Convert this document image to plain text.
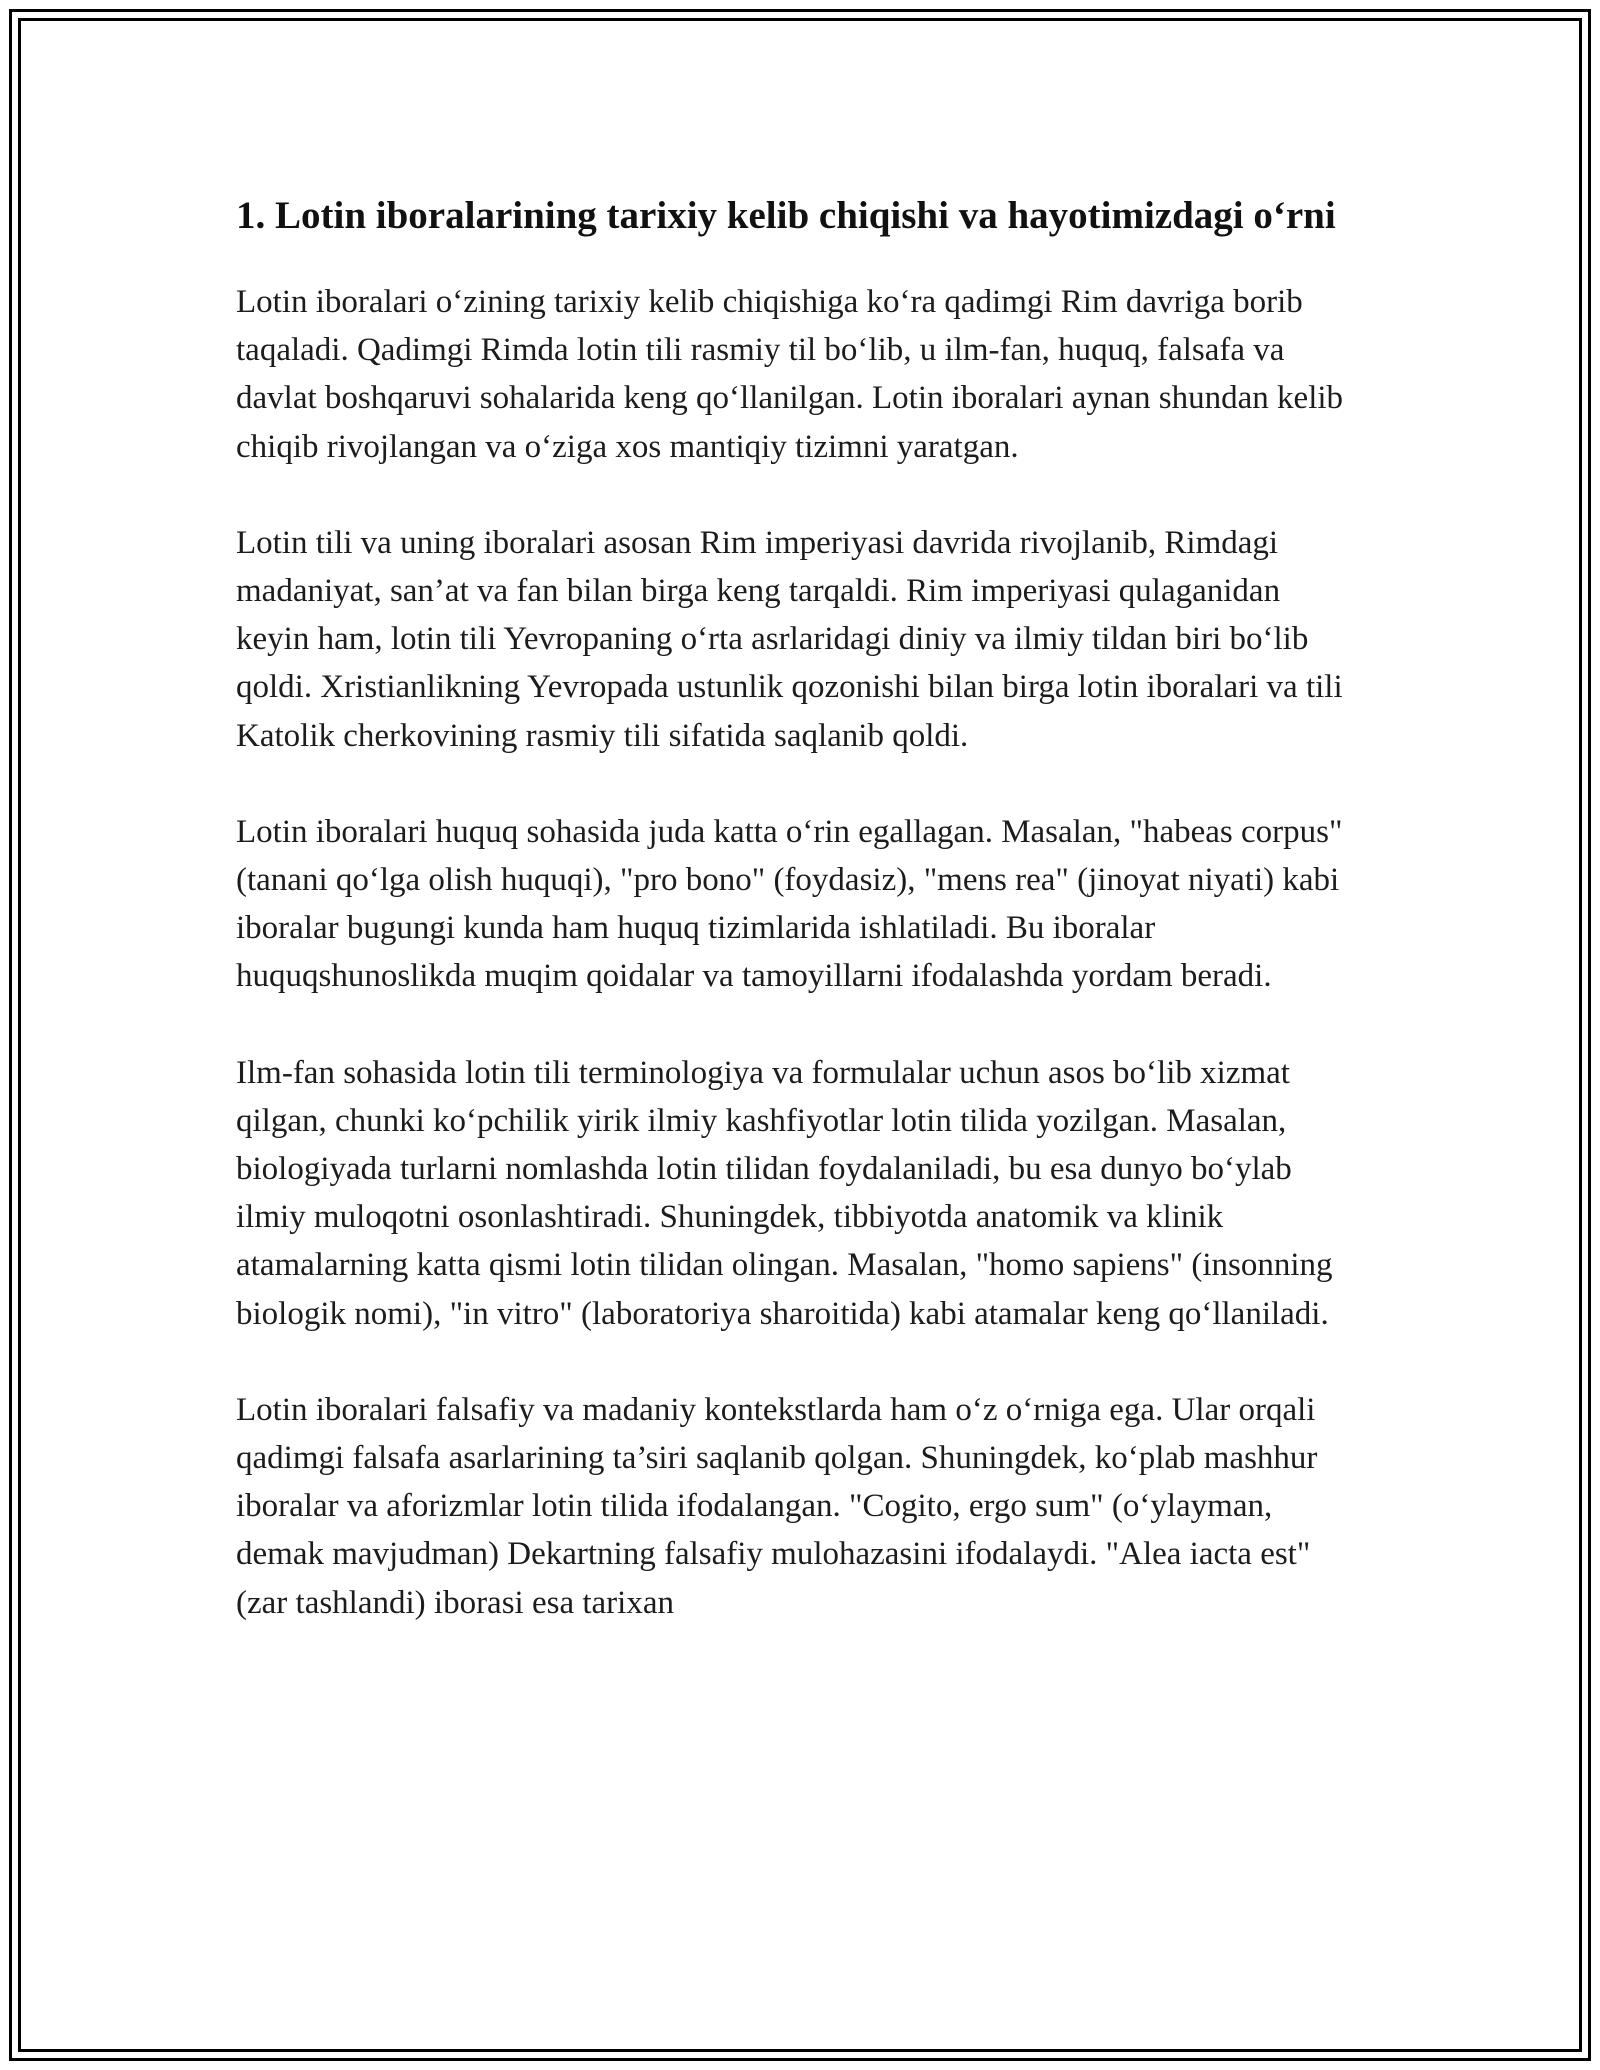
1. Lotin iboralarining tarixiy kelib chiqishi va hayotimizdagi o‘rni

Lotin iboralari o‘zining tarixiy kelib chiqishiga ko‘ra qadimgi Rim davriga borib taqaladi. Qadimgi Rimda lotin tili rasmiy til bo‘lib, u ilm-fan, huquq, falsafa va davlat boshqaruvi sohalarida keng qo‘llanilgan. Lotin iboralari aynan shundan kelib chiqib rivojlangan va o‘ziga xos mantiqiy tizimni yaratgan.

Lotin tili va uning iboralari asosan Rim imperiyasi davrida rivojlanib, Rimdagi madaniyat, san’at va fan bilan birga keng tarqaldi. Rim imperiyasi qulaganidan keyin ham, lotin tili Yevropaning o‘rta asrlaridagi diniy va ilmiy tildan biri bo‘lib qoldi. Xristianlikning Yevropada ustunlik qozonishi bilan birga lotin iboralari va tili Katolik cherkovining rasmiy tili sifatida saqlanib qoldi.

Lotin iboralari huquq sohasida juda katta o‘rin egallagan. Masalan, "habeas corpus" (tanani qo‘lga olish huquqi), "pro bono" (foydasiz), "mens rea" (jinoyat niyati) kabi iboralar bugungi kunda ham huquq tizimlarida ishlatiladi. Bu iboralar huquqshunoslikda muqim qoidalar va tamoyillarni ifodalashda yordam beradi.

Ilm-fan sohasida lotin tili terminologiya va formulalar uchun asos bo‘lib xizmat qilgan, chunki ko‘pchilik yirik ilmiy kashfiyotlar lotin tilida yozilgan. Masalan, biologiyada turlarni nomlashda lotin tilidan foydalaniladi, bu esa dunyo bo‘ylab ilmiy muloqotni osonlashtiradi. Shuningdek, tibbiyotda anatomik va klinik atamalarning katta qismi lotin tilidan olingan. Masalan, "homo sapiens" (insonning biologik nomi), "in vitro" (laboratoriya sharoitida) kabi atamalar keng qo‘llaniladi.

Lotin iboralari falsafiy va madaniy kontekstlarda ham o‘z o‘rniga ega. Ular orqali qadimgi falsafa asarlarining ta’siri saqlanib qolgan. Shuningdek, ko‘plab mashhur iboralar va aforizmlar lotin tilida ifodalangan. "Cogito, ergo sum" (o‘ylayman, demak mavjudman) Dekartning falsafiy mulohazasini ifodalaydi. "Alea iacta est" (zar tashlandi) iborasi esa tarixan
